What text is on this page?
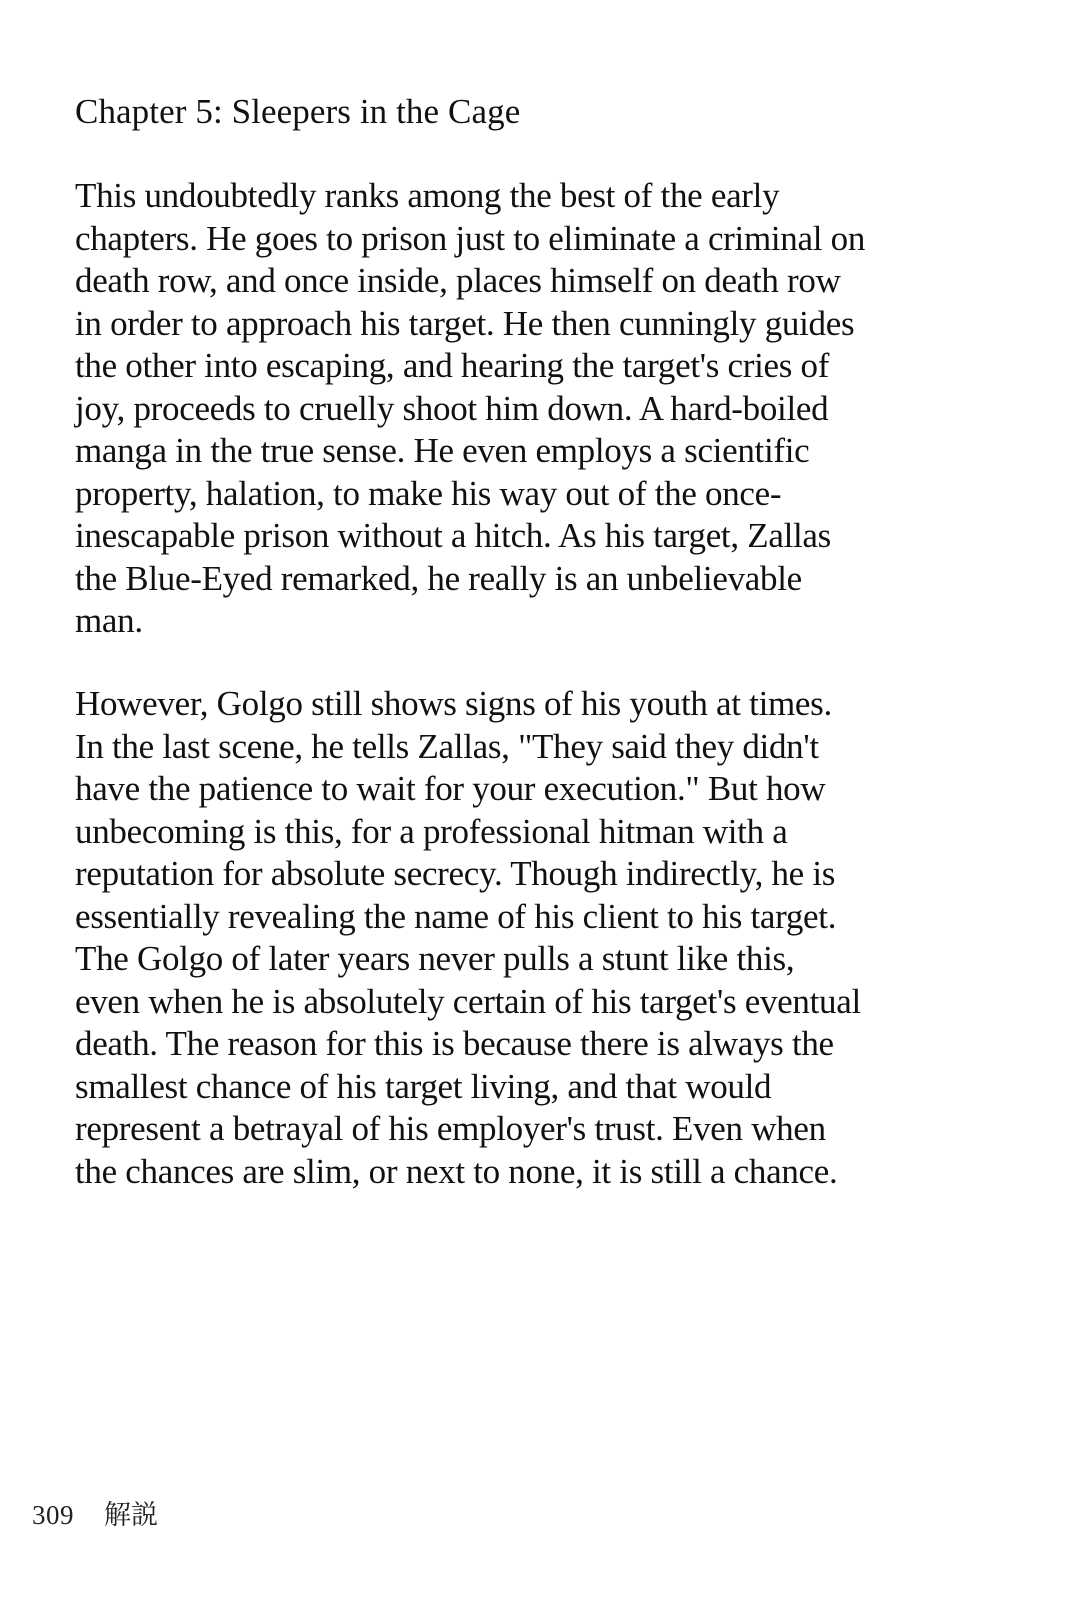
Chapter 5: Sleepers in the Cage

This undoubtedly ranks among the best of the early
chapters. He goes to prison just to eliminate a criminal on
death row, and once inside, places himself on death row
in order to approach his target. He then cunningly guides
the other into escaping, and hearing the target's cries of
joy, proceeds to cruelly shoot him down. A hard-boiled
manga in the true sense. He even employs a scientific
property, halation, to make his way out of the once-
inescapable prison without a hitch. As his target, Zallas
the Blue-Eyed remarked, he really is an unbelievable
man.

However, Golgo still shows signs of his youth at times.
In the last scene, he tells Zallas, "They said they didn't
have the patience to wait for your execution." But how
unbecoming is this, for a professional hitman with a
reputation for absolute secrecy. Though indirectly, he is
essentially revealing the name of his client to his target.
The Golgo of later years never pulls a stunt like this,
even when he is absolutely certain of his target's eventual
death. The reason for this is because there is always the
smallest chance of his target living, and that would
represent a betrayal of his employer's trust. Even when
the chances are slim, or next to none, it is still a chance.

309 解説
